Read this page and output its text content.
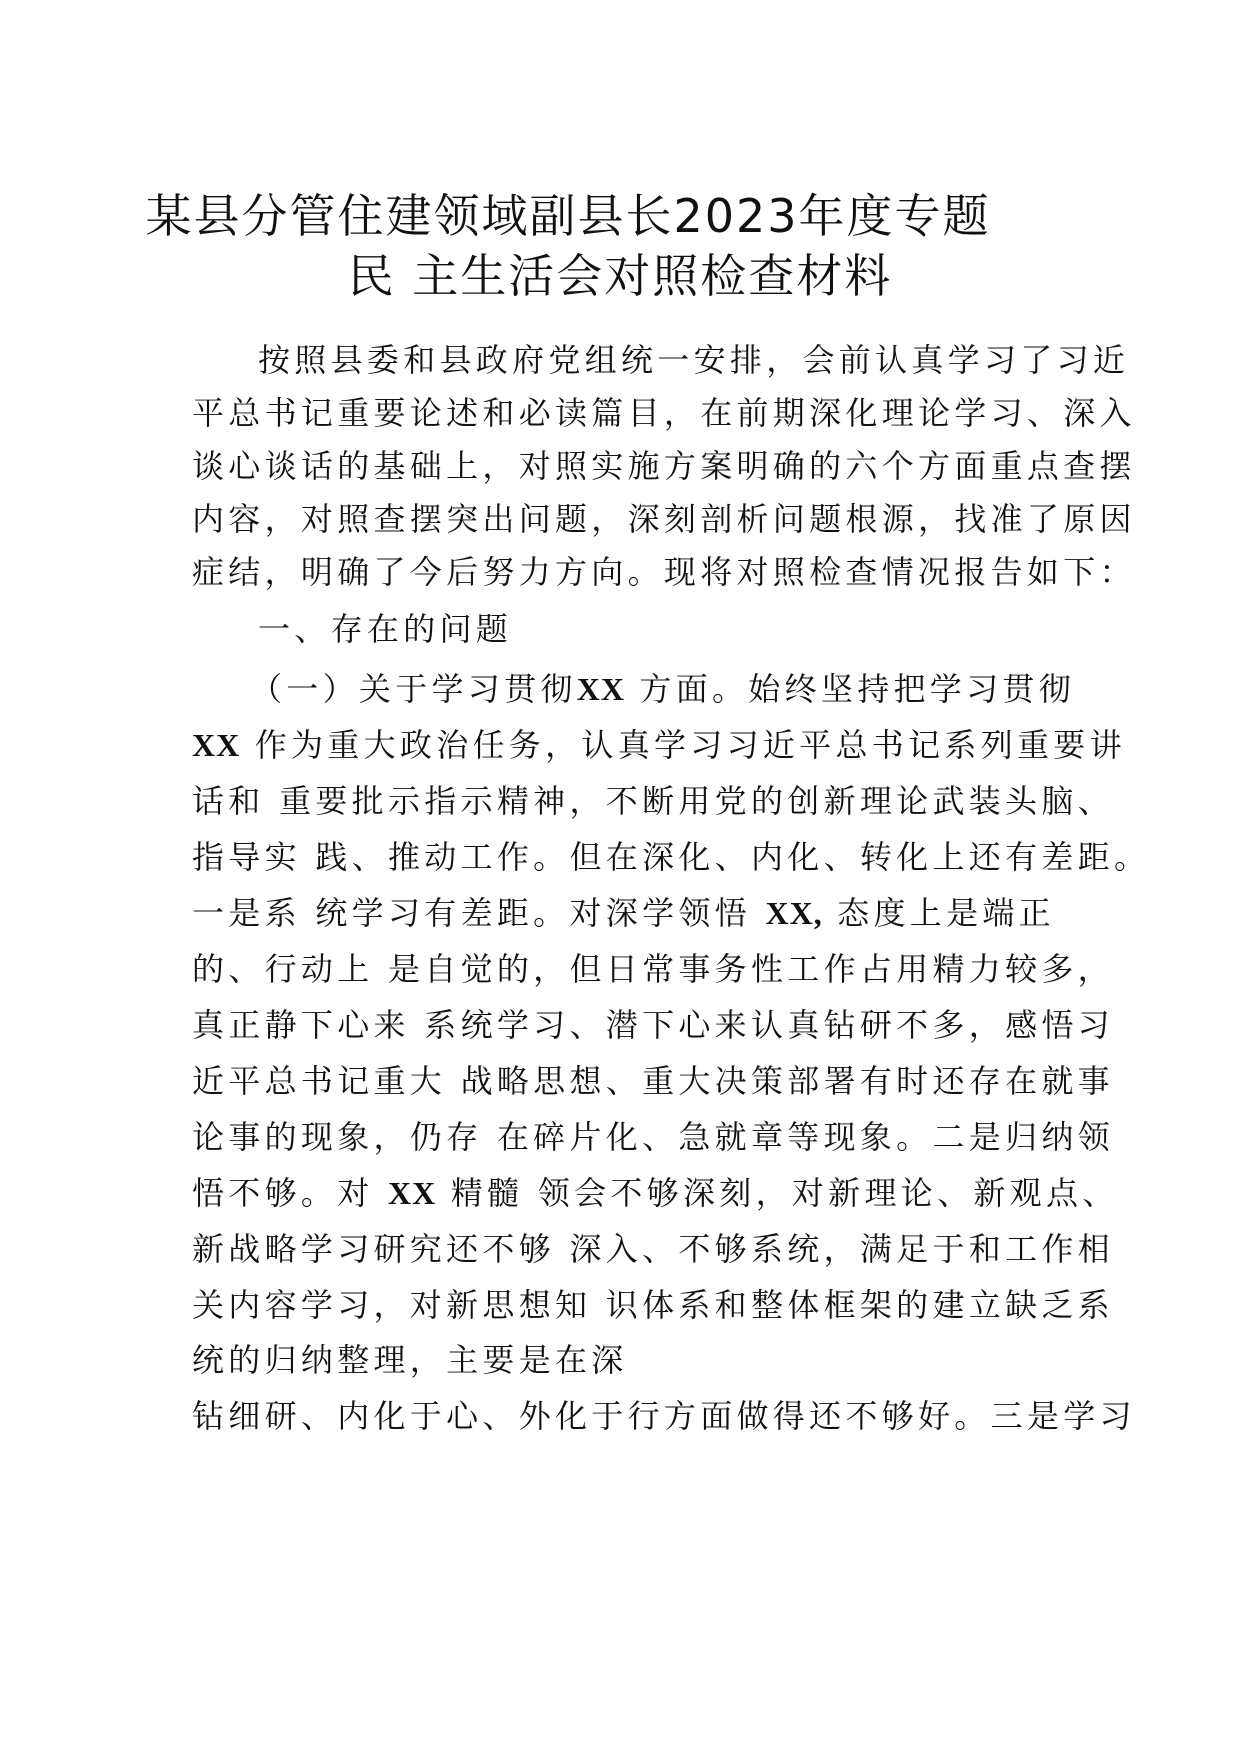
某县分管住建领域副县长2023年度专题
民 主生活会对照检查材料
按照县委和县政府党组统一安排，会前认真学习了习近
平总书记重要论述和必读篇目，在前期深化理论学习、深入
谈心谈话的基础上，对照实施方案明确的六个方面重点查摆
内容，对照查摆突出问题，深刻剖析问题根源，找准了原因
症结，明确了今后努力方向。现将对照检查情况报告如下：
一、存在的问题
（一）关于学习贯彻XX 方面。始终坚持把学习贯彻
XX 作为重大政治任务，认真学习习近平总书记系列重要讲
话和 重要批示指示精神，不断用党的创新理论武装头脑、
指导实 践、推动工作。但在深化、内化、转化上还有差距。
一是系 统学习有差距。对深学领悟 XX, 态度上是端正
的、行动上 是自觉的，但日常事务性工作占用精力较多，
真正静下心来 系统学习、潜下心来认真钻研不多，感悟习
近平总书记重大 战略思想、重大决策部署有时还存在就事
论事的现象，仍存 在碎片化、急就章等现象。二是归纳领
悟不够。对 XX 精髓 领会不够深刻，对新理论、新观点、
新战略学习研究还不够 深入、不够系统，满足于和工作相
关内容学习，对新思想知 识体系和整体框架的建立缺乏系
统的归纳整理，主要是在深
钻细研、内化于心、外化于行方面做得还不够好。三是学习
